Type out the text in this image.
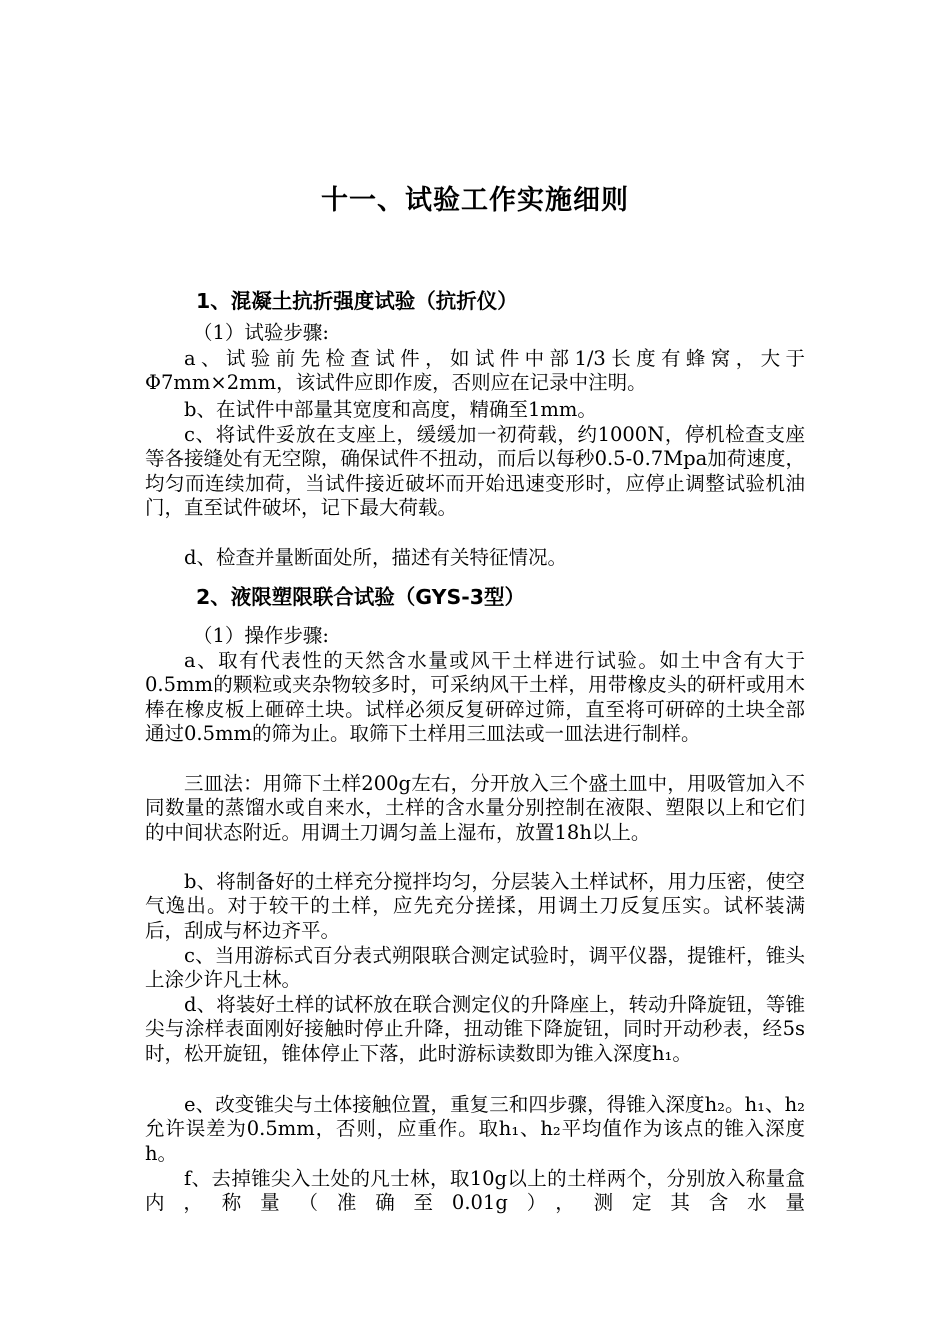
十一、试验工作实施细则
1、混凝土抗折强度试验（抗折仪）

（1）试验步骤:

a、试验前先检查试件，如试件中部1/3长度有蜂窝，大于Φ7mm×2mm，该试件应即作废，否则应在记录中注明。

b、在试件中部量其宽度和高度，精确至1mm。

c、将试件妥放在支座上，缓缓加一初荷载，约1000N，停机检查支座等各接缝处有无空隙，确保试件不扭动，而后以每秒0.5-0.7Mpa加荷速度，均匀而连续加荷，当试件接近破坏而开始迅速变形时，应停止调整试验机油门，直至试件破坏，记下最大荷载。

d、检查并量断面处所，描述有关特征情况。

2、液限塑限联合试验（GYS-3型）

（1）操作步骤:

a、取有代表性的天然含水量或风干土样进行试验。如土中含有大于0.5mm的颗粒或夹杂物较多时，可采纳风干土样，用带橡皮头的研杆或用木棒在橡皮板上砸碎土块。试样必须反复研碎过筛，直至将可研碎的土块全部通过0.5mm的筛为止。取筛下土样用三皿法或一皿法进行制样。

三皿法：用筛下土样200g左右，分开放入三个盛土皿中，用吸管加入不同数量的蒸馏水或自来水，土样的含水量分别控制在液限、塑限以上和它们的中间状态附近。用调土刀调匀盖上湿布，放置18h以上。

b、将制备好的土样充分搅拌均匀，分层装入土样试杯，用力压密，使空气逸出。对于较干的土样，应先充分搓揉，用调土刀反复压实。试杯装满后，刮成与杯边齐平。

c、当用游标式百分表式朔限联合测定试验时，调平仪器，提锥杆，锥头上涂少许凡士林。

d、将装好土样的试杯放在联合测定仪的升降座上，转动升降旋钮，等锥尖与涂样表面刚好接触时停止升降，扭动锥下降旋钮，同时开动秒表，经5s时，松开旋钮，锥体停止下落，此时游标读数即为锥入深度h₁。

e、改变锥尖与土体接触位置，重复三和四步骤，得锥入深度h₂。h₁、h₂允许误差为0.5mm，否则，应重作。取h₁、h₂平均值作为该点的锥入深度h。

f、去掉锥尖入土处的凡士林，取10g以上的土样两个，分别放入称量盒内，称量（准确至0.01g），测定其含水量
